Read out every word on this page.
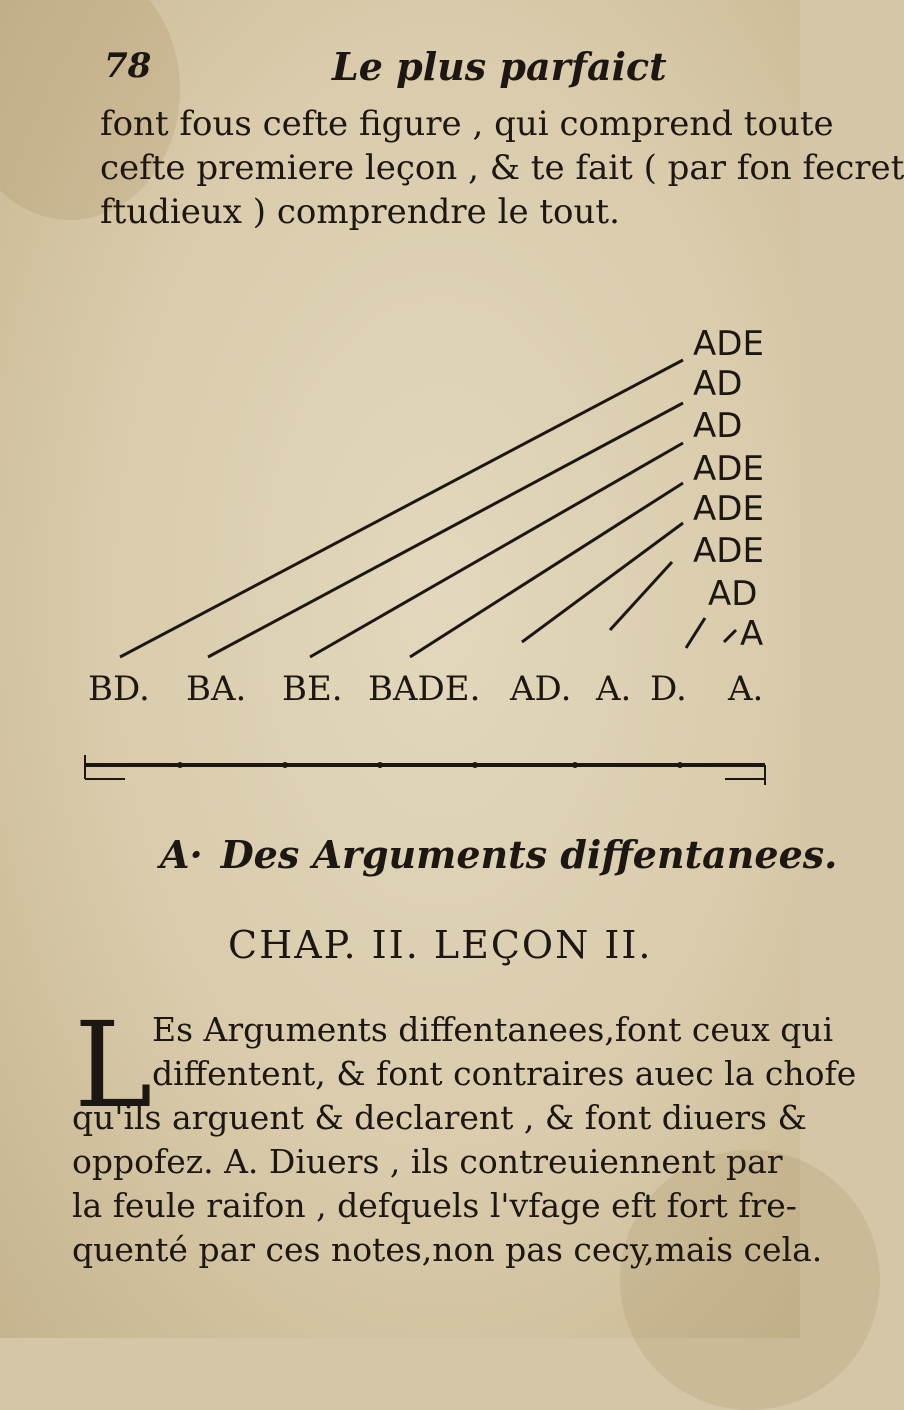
78	Le plus parfaict
font fous cefte figure , qui comprend toute
cefte premiere leçon , & te fait ( par fon fecret
ftudieux ) comprendre le tout.
ADE
AD
AD
ADE
ADE
ADE
AD
A
BD. BA. BE. BADE. AD. A. D. A.
A· Des Arguments diffentanees.
CHAP. II. LEÇON II.
L Es Arguments diffentanees,font ceux qui
diffentent, & font contraires auec la chofe
qu'ils arguent & declarent , & font diuers &
oppofez. A. Diuers , ils contreuiennent par
la feule raifon , defquels l'vfage eft fort fre-
quenté par ces notes,non pas cecy,mais cela.
